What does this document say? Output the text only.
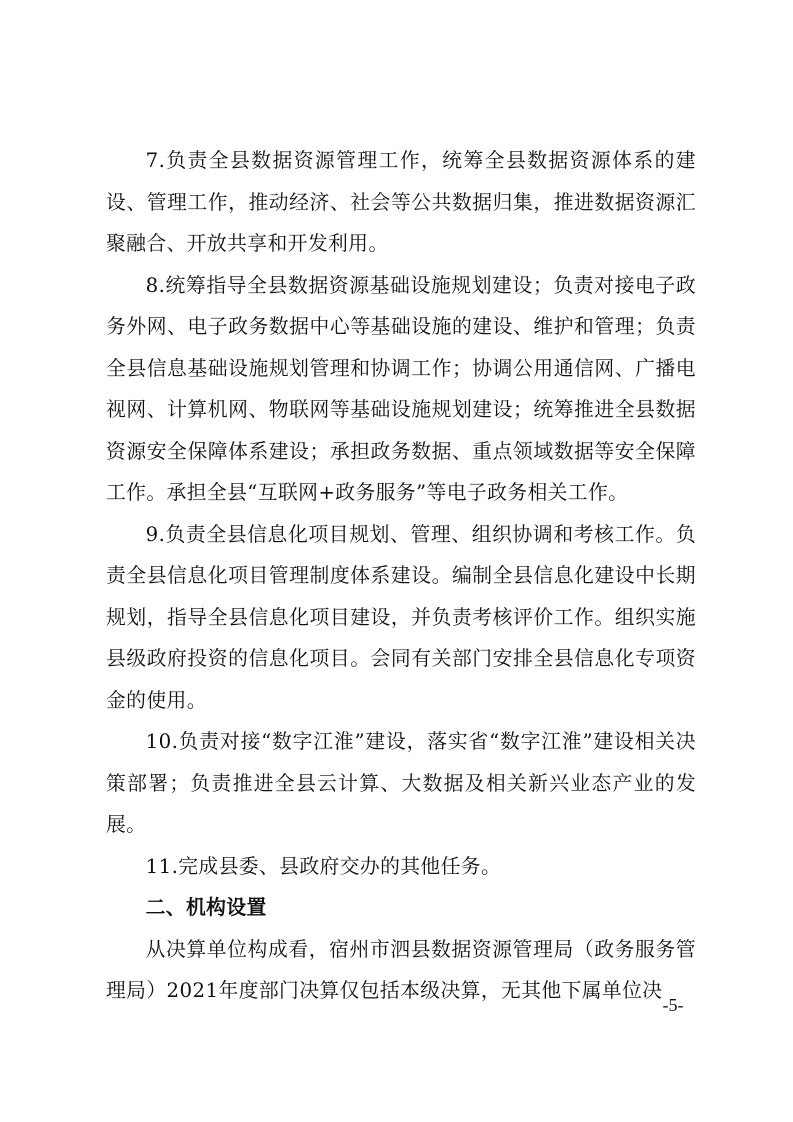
7.负责全县数据资源管理工作，统筹全县数据资源体系的建设、管理工作，推动经济、社会等公共数据归集，推进数据资源汇聚融合、开放共享和开发利用。

8.统筹指导全县数据资源基础设施规划建设；负责对接电子政务外网、电子政务数据中心等基础设施的建设、维护和管理；负责全县信息基础设施规划管理和协调工作；协调公用通信网、广播电视网、计算机网、物联网等基础设施规划建设；统筹推进全县数据资源安全保障体系建设；承担政务数据、重点领域数据等安全保障工作。承担全县“互联网+政务服务”等电子政务相关工作。

9.负责全县信息化项目规划、管理、组织协调和考核工作。负责全县信息化项目管理制度体系建设。编制全县信息化建设中长期规划，指导全县信息化项目建设，并负责考核评价工作。组织实施县级政府投资的信息化项目。会同有关部门安排全县信息化专项资金的使用。

10.负责对接“数字江淮”建设，落实省“数字江淮”建设相关决策部署；负责推进全县云计算、大数据及相关新兴业态产业的发展。

11.完成县委、县政府交办的其他任务。

二、机构设置

从决算单位构成看，宿州市泗县数据资源管理局（政务服务管理局）2021年度部门决算仅包括本级决算，无其他下属单位决

-5-
